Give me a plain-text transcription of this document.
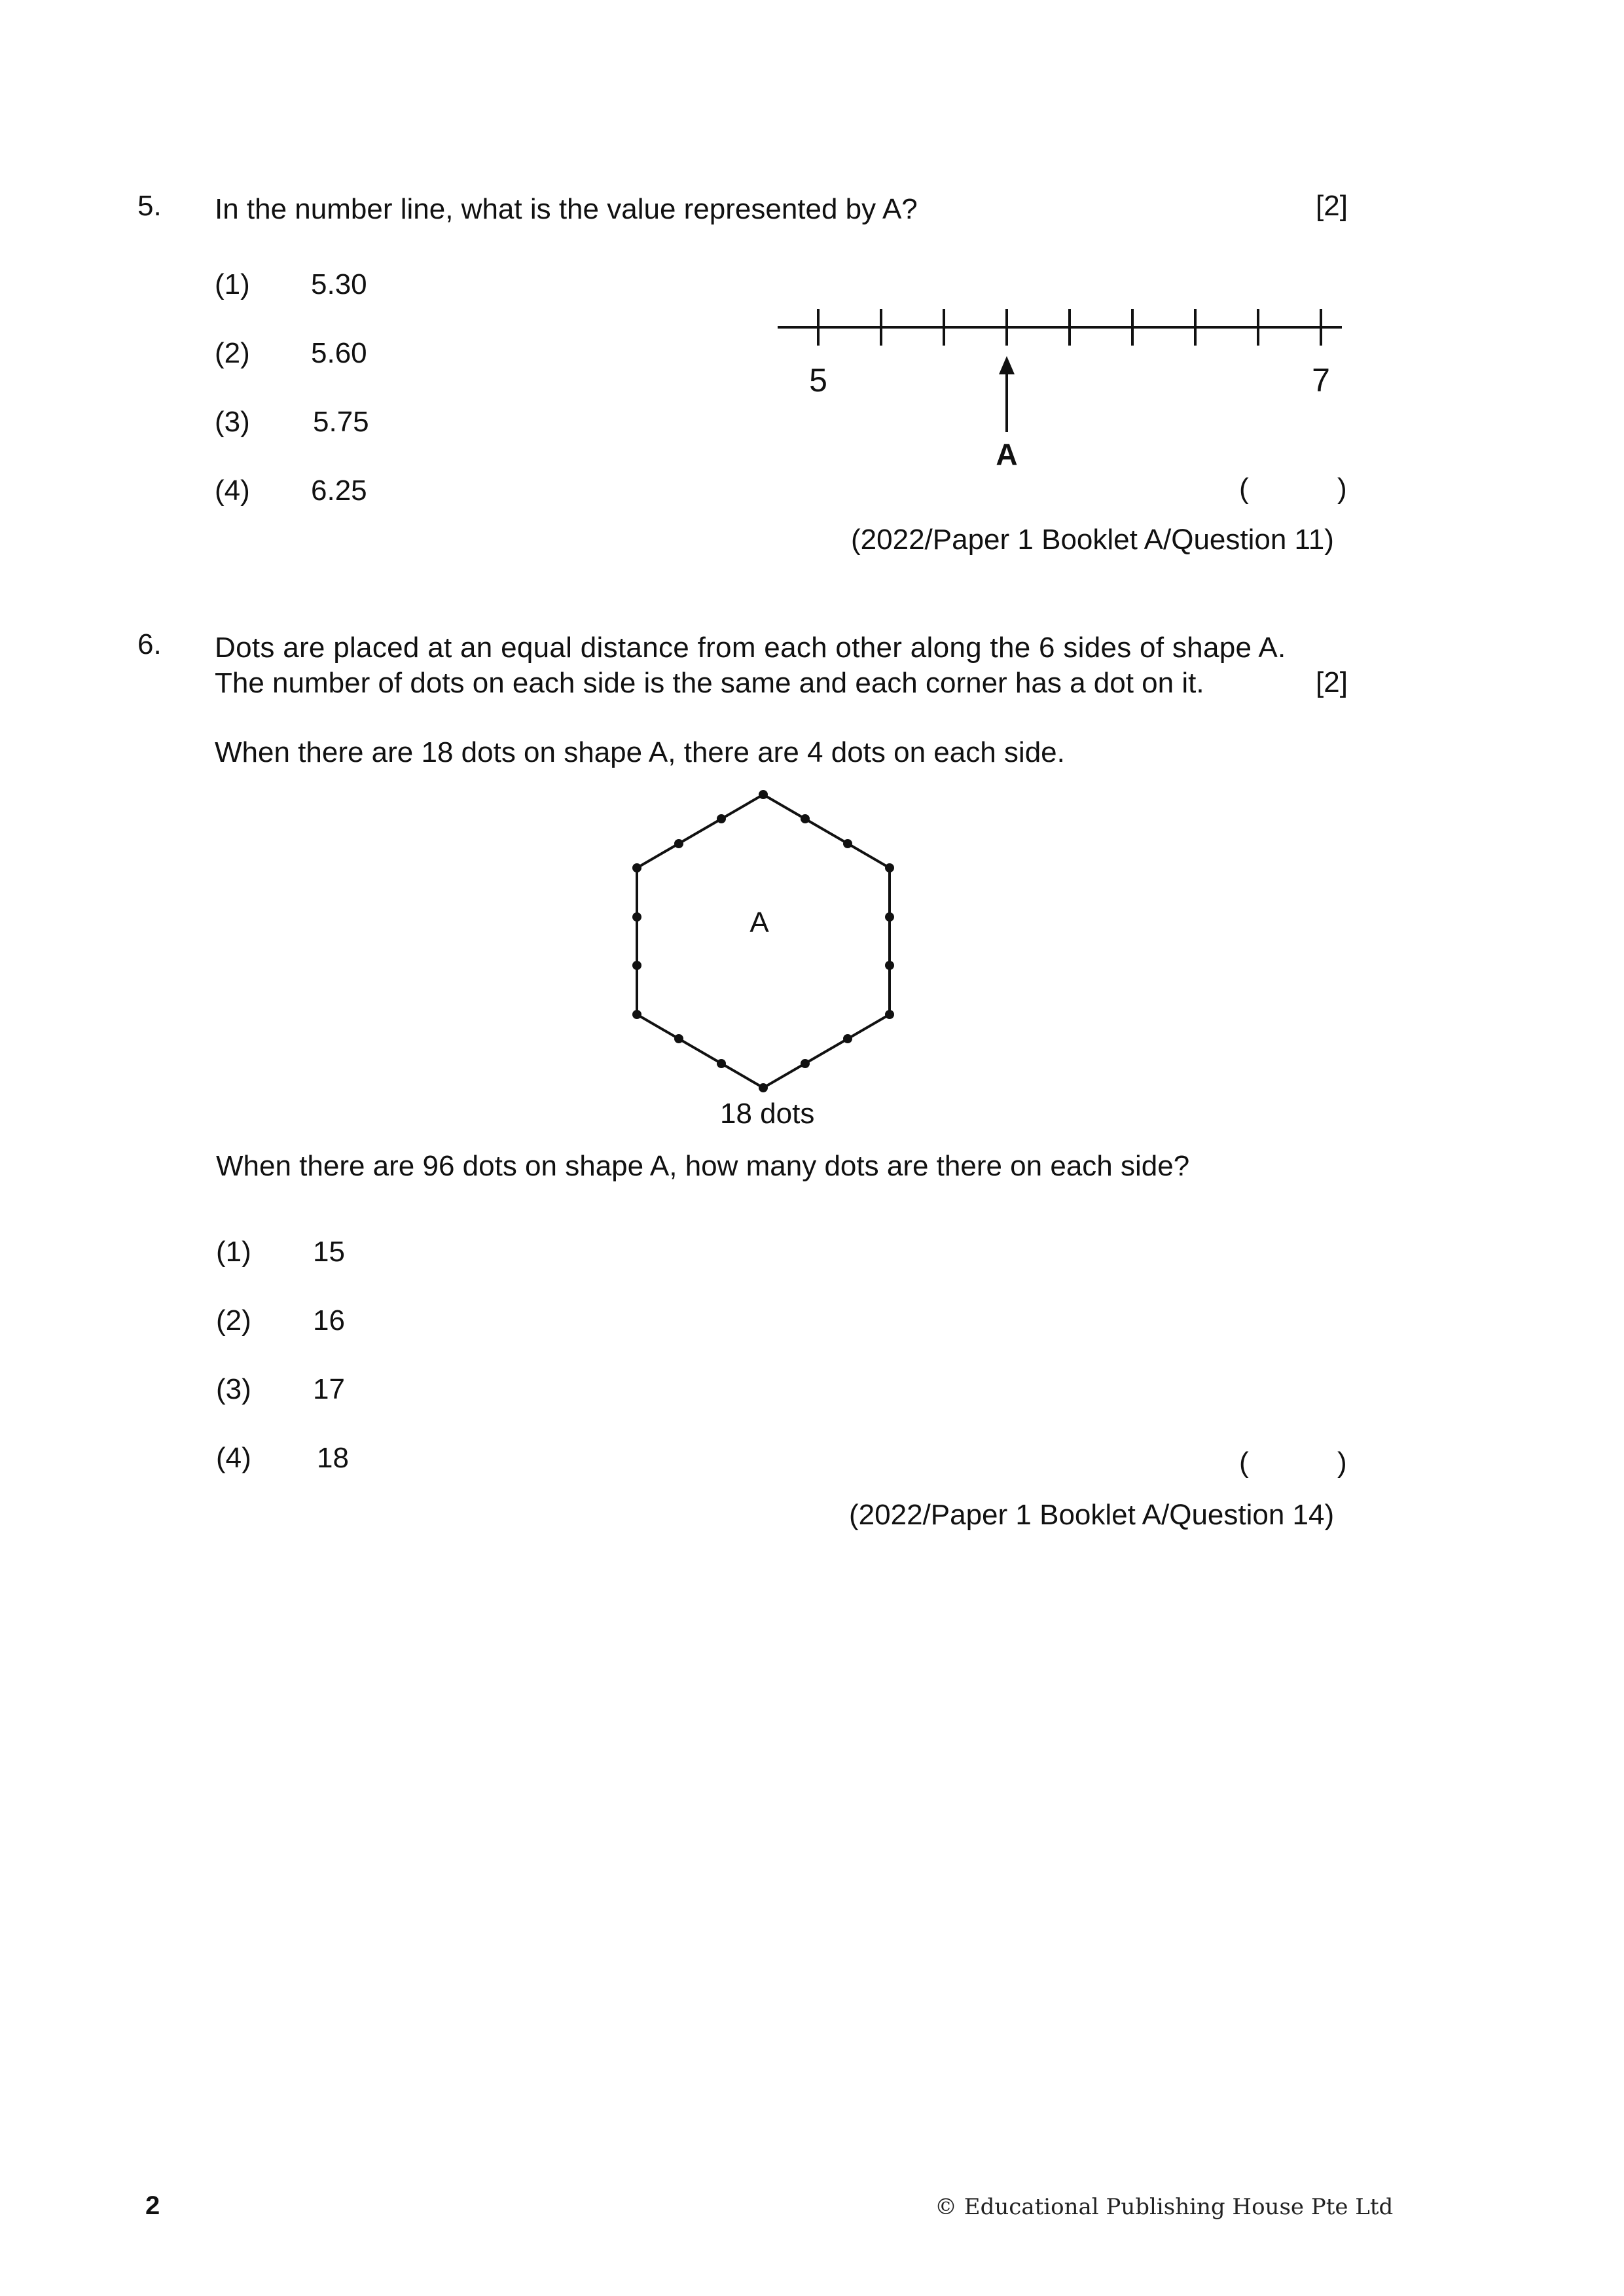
5. In the number line, what is the value represented by A?	[2]
(1) 5.30
(2) 5.60
(3) 5.75
(4) 6.25
5	7
A
(	)
(2022/Paper 1 Booklet A/Question 11)
6. Dots are placed at an equal distance from each other along the 6 sides of shape A.
The number of dots on each side is the same and each corner has a dot on it.	[2]
When there are 18 dots on shape A, there are 4 dots on each side.
A
18 dots
When there are 96 dots on shape A, how many dots are there on each side?
(1) 15
(2) 16
(3) 17
(4) 18	(	)
(2022/Paper 1 Booklet A/Question 14)
2	© Educational Publishing House Pte Ltd
